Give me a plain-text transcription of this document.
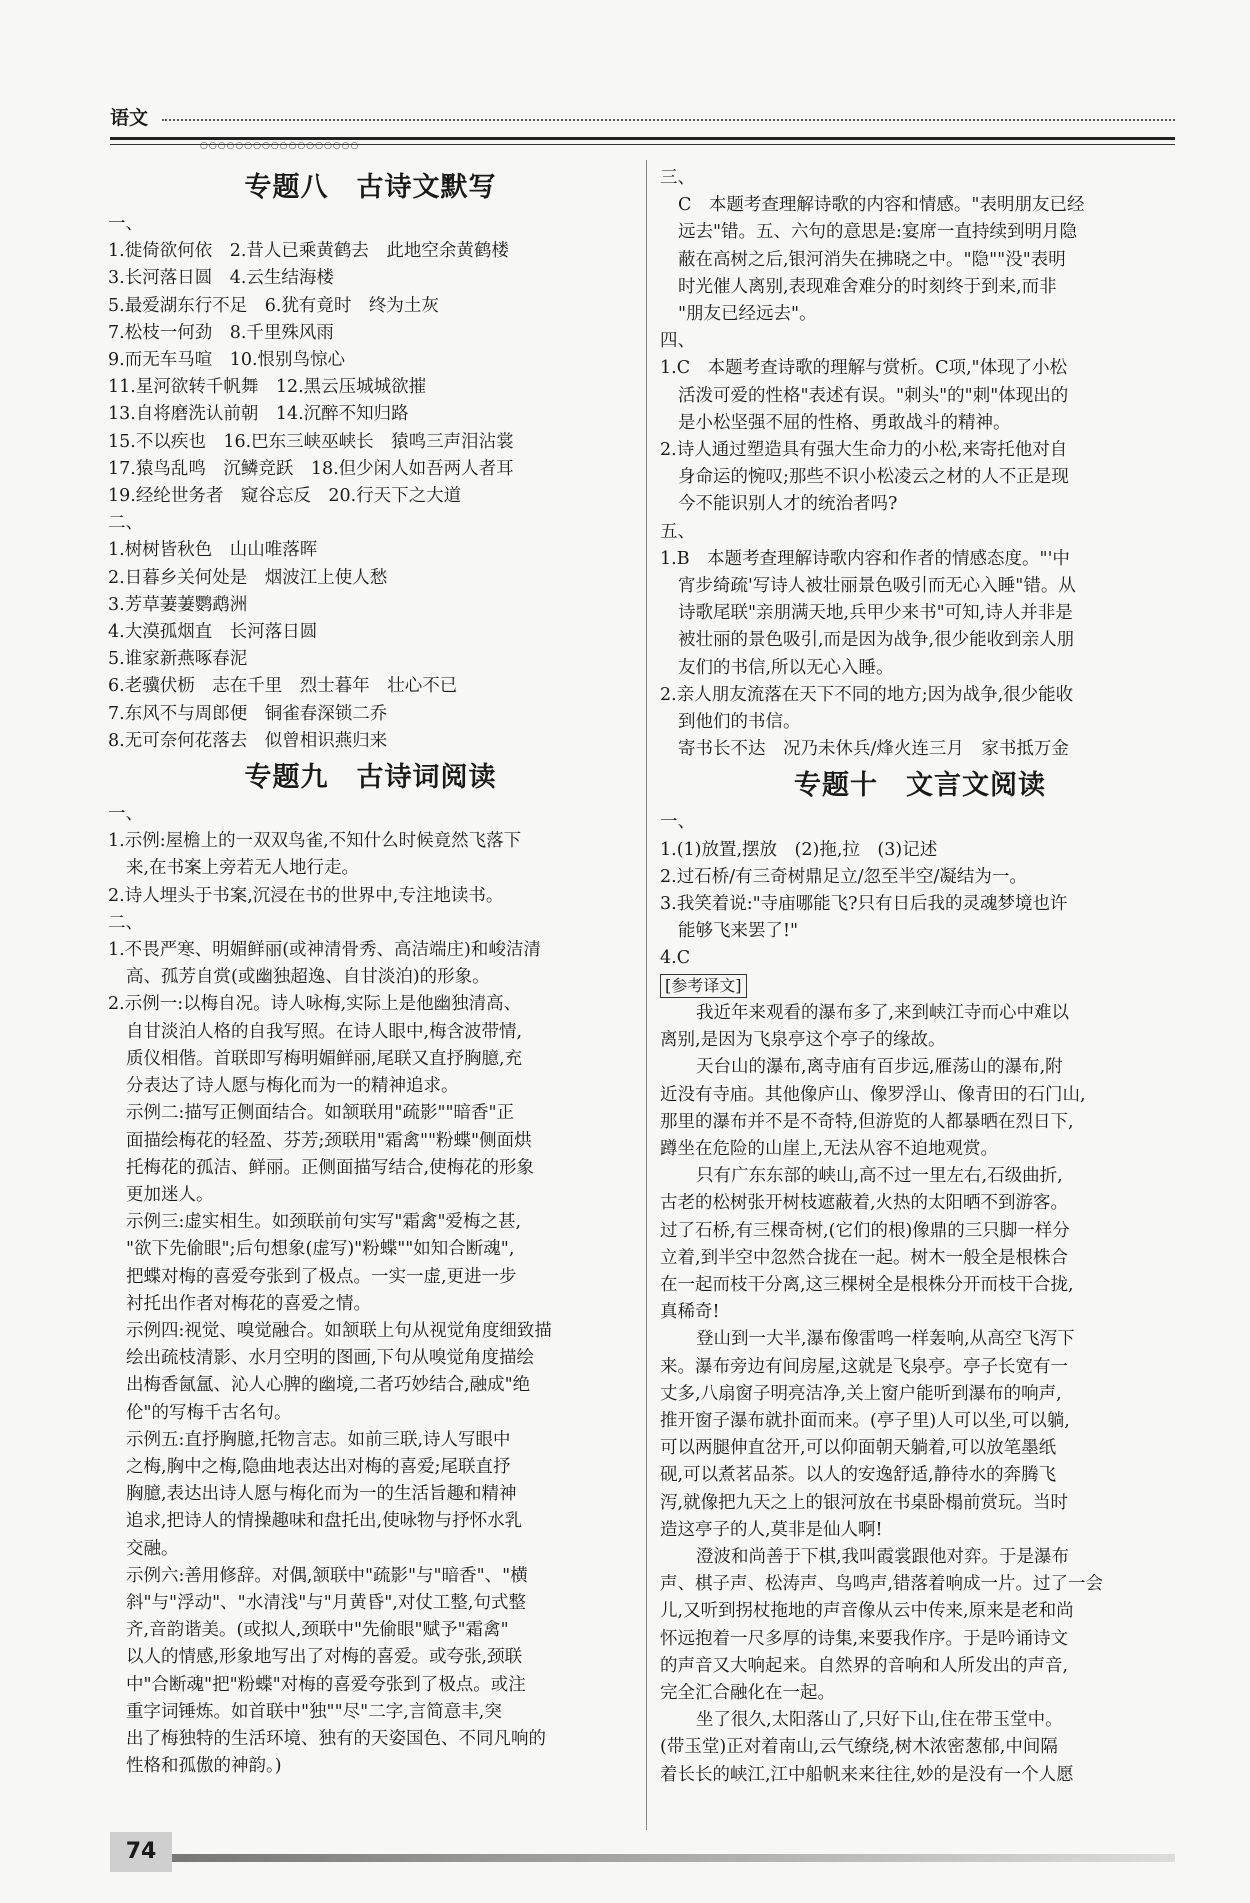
语文
○○○○○○○○○○○○○○○○○○
专题八　古诗文默写
一、
1.徙倚欲何依　2.昔人已乘黄鹤去　此地空余黄鹤楼
3.长河落日圆　4.云生结海楼
5.最爱湖东行不足　6.犹有竟时　终为土灰
7.松枝一何劲　8.千里殊风雨
9.而无车马喧　10.恨别鸟惊心
11.星河欲转千帆舞　12.黑云压城城欲摧
13.自将磨洗认前朝　14.沉醉不知归路
15.不以疾也　16.巴东三峡巫峡长　猿鸣三声泪沾裳
17.猿鸟乱鸣　沉鳞竞跃　18.但少闲人如吾两人者耳
19.经纶世务者　窥谷忘反　20.行天下之大道
二、
1.树树皆秋色　山山唯落晖
2.日暮乡关何处是　烟波江上使人愁
3.芳草萋萋鹦鹉洲
4.大漠孤烟直　长河落日圆
5.谁家新燕啄春泥
6.老骥伏枥　志在千里　烈士暮年　壮心不已
7.东风不与周郎便　铜雀春深锁二乔
8.无可奈何花落去　似曾相识燕归来
专题九　古诗词阅读
一、
1.示例:屋檐上的一双双鸟雀,不知什么时候竟然飞落下
来,在书案上旁若无人地行走。
2.诗人埋头于书案,沉浸在书的世界中,专注地读书。
二、
1.不畏严寒、明媚鲜丽(或神清骨秀、高洁端庄)和峻洁清
高、孤芳自赏(或幽独超逸、自甘淡泊)的形象。
2.示例一:以梅自况。诗人咏梅,实际上是他幽独清高、
自甘淡泊人格的自我写照。在诗人眼中,梅含波带情,
质仪相偕。首联即写梅明媚鲜丽,尾联又直抒胸臆,充
分表达了诗人愿与梅化而为一的精神追求。
示例二:描写正侧面结合。如颔联用"疏影""暗香"正
面描绘梅花的轻盈、芬芳;颈联用"霜禽""粉蝶"侧面烘
托梅花的孤洁、鲜丽。正侧面描写结合,使梅花的形象
更加迷人。
示例三:虚实相生。如颈联前句实写"霜禽"爱梅之甚,
"欲下先偷眼";后句想象(虚写)"粉蝶""如知合断魂",
把蝶对梅的喜爱夸张到了极点。一实一虚,更进一步
衬托出作者对梅花的喜爱之情。
示例四:视觉、嗅觉融合。如颔联上句从视觉角度细致描
绘出疏枝清影、水月空明的图画,下句从嗅觉角度描绘
出梅香氤氲、沁人心脾的幽境,二者巧妙结合,融成"绝
伦"的写梅千古名句。
示例五:直抒胸臆,托物言志。如前三联,诗人写眼中
之梅,胸中之梅,隐曲地表达出对梅的喜爱;尾联直抒
胸臆,表达出诗人愿与梅化而为一的生活旨趣和精神
追求,把诗人的情操趣味和盘托出,使咏物与抒怀水乳
交融。
示例六:善用修辞。对偶,颔联中"疏影"与"暗香"、"横
斜"与"浮动"、"水清浅"与"月黄昏",对仗工整,句式整
齐,音韵谐美。(或拟人,颈联中"先偷眼"赋予"霜禽"
以人的情感,形象地写出了对梅的喜爱。或夸张,颈联
中"合断魂"把"粉蝶"对梅的喜爱夸张到了极点。或注
重字词锤炼。如首联中"独""尽"二字,言简意丰,突
出了梅独特的生活环境、独有的天姿国色、不同凡响的
性格和孤傲的神韵。)
三、
C　本题考查理解诗歌的内容和情感。"表明朋友已经
远去"错。五、六句的意思是:宴席一直持续到明月隐
蔽在高树之后,银河消失在拂晓之中。"隐""没"表明
时光催人离别,表现难舍难分的时刻终于到来,而非
"朋友已经远去"。
四、
1.C　本题考查诗歌的理解与赏析。C项,"体现了小松
活泼可爱的性格"表述有误。"刺头"的"刺"体现出的
是小松坚强不屈的性格、勇敢战斗的精神。
2.诗人通过塑造具有强大生命力的小松,来寄托他对自
身命运的惋叹;那些不识小松凌云之材的人不正是现
今不能识别人才的统治者吗?
五、
1.B　本题考查理解诗歌内容和作者的情感态度。"'中
宵步绮疏'写诗人被壮丽景色吸引而无心入睡"错。从
诗歌尾联"亲朋满天地,兵甲少来书"可知,诗人并非是
被壮丽的景色吸引,而是因为战争,很少能收到亲人朋
友们的书信,所以无心入睡。
2.亲人朋友流落在天下不同的地方;因为战争,很少能收
到他们的书信。
寄书长不达　况乃未休兵/烽火连三月　家书抵万金
专题十　文言文阅读
一、
1.(1)放置,摆放　(2)拖,拉　(3)记述
2.过石桥/有三奇树鼎足立/忽至半空/凝结为一。
3.我笑着说:"寺庙哪能飞?只有日后我的灵魂梦境也许
能够飞来罢了!"
4.C
[参考译文]
我近年来观看的瀑布多了,来到峡江寺而心中难以
离别,是因为飞泉亭这个亭子的缘故。
天台山的瀑布,离寺庙有百步远,雁荡山的瀑布,附
近没有寺庙。其他像庐山、像罗浮山、像青田的石门山,
那里的瀑布并不是不奇特,但游览的人都暴晒在烈日下,
蹲坐在危险的山崖上,无法从容不迫地观赏。
只有广东东部的峡山,高不过一里左右,石级曲折,
古老的松树张开树枝遮蔽着,火热的太阳晒不到游客。
过了石桥,有三棵奇树,(它们的根)像鼎的三只脚一样分
立着,到半空中忽然合拢在一起。树木一般全是根株合
在一起而枝干分离,这三棵树全是根株分开而枝干合拢,
真稀奇!
登山到一大半,瀑布像雷鸣一样轰响,从高空飞泻下
来。瀑布旁边有间房屋,这就是飞泉亭。亭子长宽有一
丈多,八扇窗子明亮洁净,关上窗户能听到瀑布的响声,
推开窗子瀑布就扑面而来。(亭子里)人可以坐,可以躺,
可以两腿伸直岔开,可以仰面朝天躺着,可以放笔墨纸
砚,可以煮茗品茶。以人的安逸舒适,静待水的奔腾飞
泻,就像把九天之上的银河放在书桌卧榻前赏玩。当时
造这亭子的人,莫非是仙人啊!
澄波和尚善于下棋,我叫霞裳跟他对弈。于是瀑布
声、棋子声、松涛声、鸟鸣声,错落着响成一片。过了一会
儿,又听到拐杖拖地的声音像从云中传来,原来是老和尚
怀远抱着一尺多厚的诗集,来要我作序。于是吟诵诗文
的声音又大响起来。自然界的音响和人所发出的声音,
完全汇合融化在一起。
坐了很久,太阳落山了,只好下山,住在带玉堂中。
(带玉堂)正对着南山,云气缭绕,树木浓密葱郁,中间隔
着长长的峡江,江中船帆来来往往,妙的是没有一个人愿
74
